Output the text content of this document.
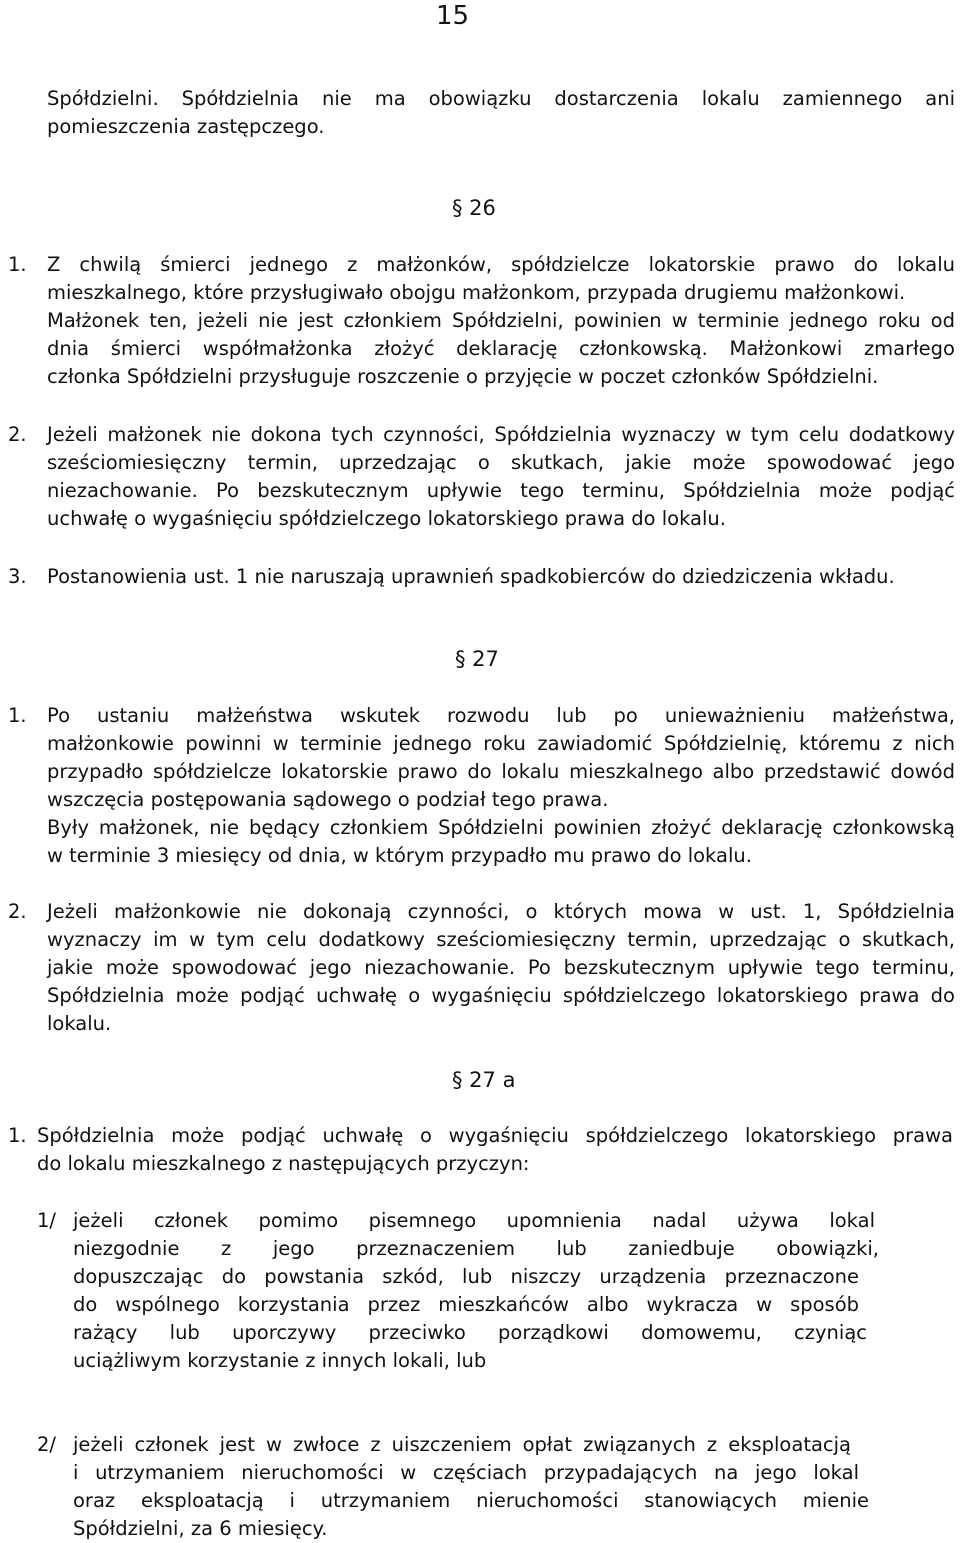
15
Spółdzielni. Spółdzielnia nie ma obowiązku dostarczenia lokalu zamiennego ani
pomieszczenia zastępczego.
§ 26
1. Z chwilą śmierci jednego z małżonków, spółdzielcze lokatorskie prawo do lokalu
mieszkalnego, które przysługiwało obojgu małżonkom, przypada drugiemu małżonkowi.
Małżonek ten, jeżeli nie jest członkiem Spółdzielni, powinien w terminie jednego roku od
dnia śmierci współmałżonka złożyć deklarację członkowską. Małżonkowi zmarłego
członka Spółdzielni przysługuje roszczenie o przyjęcie w poczet członków Spółdzielni.
2. Jeżeli małżonek nie dokona tych czynności, Spółdzielnia wyznaczy w tym celu dodatkowy
sześciomiesięczny termin, uprzedzając o skutkach, jakie może spowodować jego
niezachowanie. Po bezskutecznym upływie tego terminu, Spółdzielnia może podjąć
uchwałę o wygaśnięciu spółdzielczego lokatorskiego prawa do lokalu.
3. Postanowienia ust. 1 nie naruszają uprawnień spadkobierców do dziedziczenia wkładu.
§ 27
1. Po ustaniu małżeństwa wskutek rozwodu lub po unieważnieniu małżeństwa,
małżonkowie powinni w terminie jednego roku zawiadomić Spółdzielnię, któremu z nich
przypadło spółdzielcze lokatorskie prawo do lokalu mieszkalnego albo przedstawić dowód
wszczęcia postępowania sądowego o podział tego prawa.
Były małżonek, nie będący członkiem Spółdzielni powinien złożyć deklarację członkowską
w terminie 3 miesięcy od dnia, w którym przypadło mu prawo do lokalu.
2. Jeżeli małżonkowie nie dokonają czynności, o których mowa w ust. 1, Spółdzielnia
wyznaczy im w tym celu dodatkowy sześciomiesięczny termin, uprzedzając o skutkach,
jakie może spowodować jego niezachowanie. Po bezskutecznym upływie tego terminu,
Spółdzielnia może podjąć uchwałę o wygaśnięciu spółdzielczego lokatorskiego prawa do
lokalu.
§ 27 a
1. Spółdzielnia może podjąć uchwałę o wygaśnięciu spółdzielczego lokatorskiego prawa
do lokalu mieszkalnego z następujących przyczyn:
1/ jeżeli członek pomimo pisemnego upomnienia nadal używa lokal
niezgodnie z jego przeznaczeniem lub zaniedbuje obowiązki,
dopuszczając do powstania szkód, lub niszczy urządzenia przeznaczone
do wspólnego korzystania przez mieszkańców albo wykracza w sposób
rażący lub uporczywy przeciwko porządkowi domowemu, czyniąc
uciążliwym korzystanie z innych lokali, lub
2/ jeżeli członek jest w zwłoce z uiszczeniem opłat związanych z eksploatacją
i utrzymaniem nieruchomości w częściach przypadających na jego lokal
oraz eksploatacją i utrzymaniem nieruchomości stanowiących mienie
Spółdzielni, za 6 miesięcy.
